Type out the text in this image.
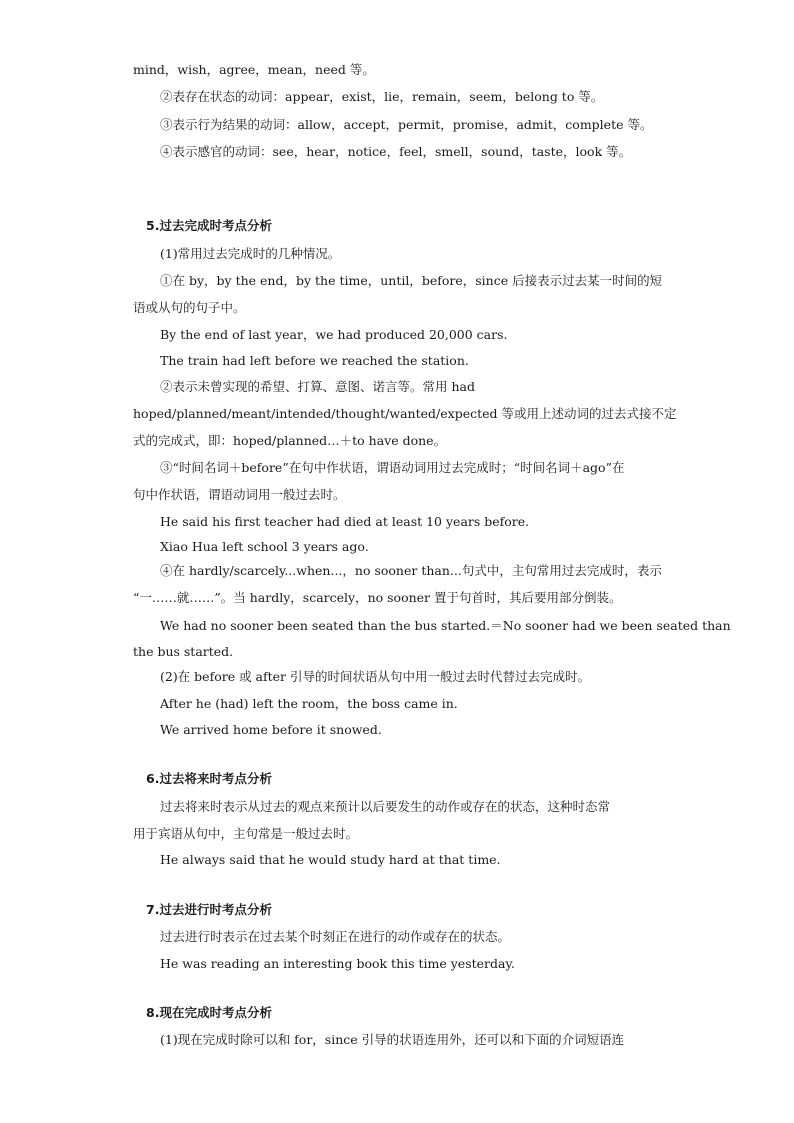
mind，wish，agree，mean，need 等。
②表存在状态的动词：appear，exist，lie，remain，seem，belong to 等。
③表示行为结果的动词：allow，accept，permit，promise，admit，complete 等。
④表示感官的动词：see，hear，notice，feel，smell，sound，taste，look 等。
5.过去完成时考点分析
(1)常用过去完成时的几种情况。
①在 by，by the end，by the time，until，before，since 后接表示过去某一时间的短
语或从句的句子中。
By the end of last year，we had produced 20,000 cars.
The train had left before we reached the station.
②表示未曾实现的希望、打算、意图、诺言等。常用 had
hoped/planned/meant/intended/thought/wanted/expected 等或用上述动词的过去式接不定
式的完成式，即：hoped/planned…＋to have done。
③“时间名词＋before”在句中作状语，谓语动词用过去完成时；“时间名词＋ago”在
句中作状语，谓语动词用一般过去时。
He said his first teacher had died at least 10 years before.
Xiao Hua left school 3 years ago.
④在 hardly/scarcely...when...，no sooner than...句式中，主句常用过去完成时，表示
“一……就……”。当 hardly，scarcely，no sooner 置于句首时，其后要用部分倒装。
We had no sooner been seated than the bus started.＝No sooner had we been seated than
the bus started.
(2)在 before 或 after 引导的时间状语从句中用一般过去时代替过去完成时。
After he (had) left the room，the boss came in.
We arrived home before it snowed.
6.过去将来时考点分析
过去将来时表示从过去的观点来预计以后要发生的动作或存在的状态，这种时态常
用于宾语从句中，主句常是一般过去时。
He always said that he would study hard at that time.
7.过去进行时考点分析
过去进行时表示在过去某个时刻正在进行的动作或存在的状态。
He was reading an interesting book this time yesterday.
8.现在完成时考点分析
(1)现在完成时除可以和 for，since 引导的状语连用外，还可以和下面的介词短语连
